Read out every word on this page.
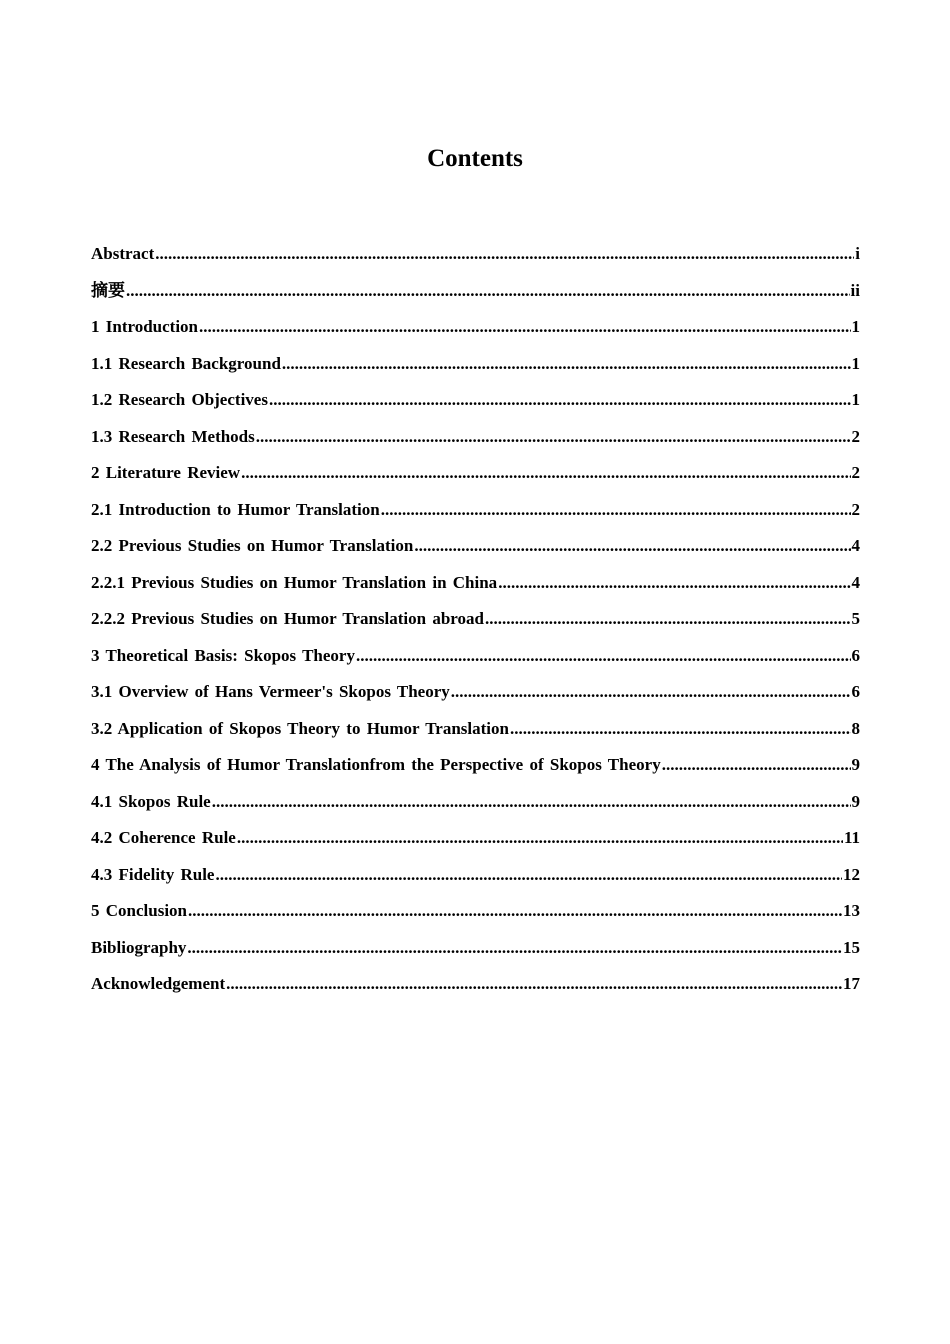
Contents
Abstract .....	i
摘要 .....	ii
1 Introduction .....	1
1.1 Research Background .....	1
1.2 Research Objectives .....	1
1.3 Research Methods .....	2
2 Literature Review .....	2
2.1 Introduction to Humor Translation .....	2
2.2 Previous Studies on Humor Translation .....	4
2.2.1 Previous Studies on Humor Translation in China .....	4
2.2.2 Previous Studies on Humor Translation abroad .....	5
3 Theoretical Basis: Skopos Theory .....	6
3.1 Overview of Hans Vermeer's Skopos Theory .....	6
3.2 Application of Skopos Theory to Humor Translation .....	8
4 The Analysis of Humor Translationfrom the Perspective of Skopos Theory .....	9
4.1 Skopos Rule .....	9
4.2 Coherence Rule .....	11
4.3 Fidelity Rule .....	12
5 Conclusion .....	13
Bibliography .....	15
Acknowledgement .....	17
